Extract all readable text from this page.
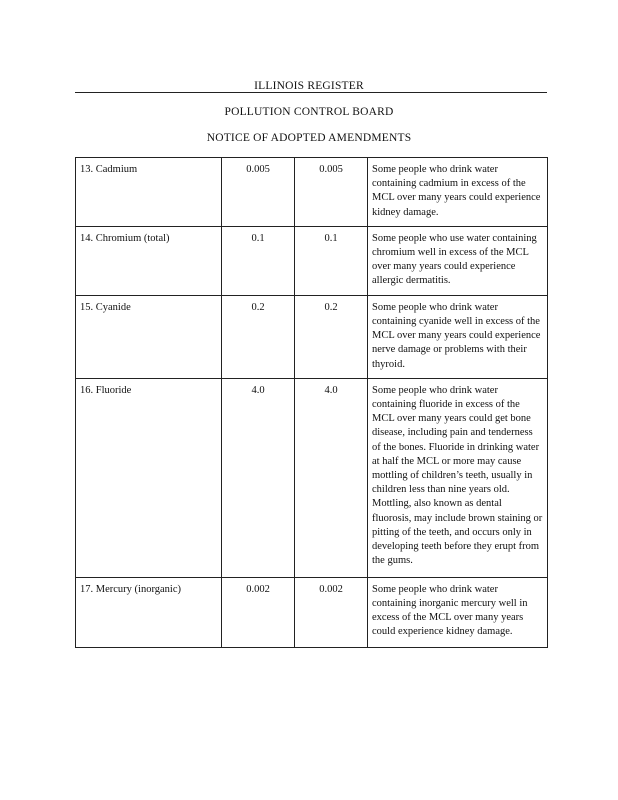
ILLINOIS REGISTER
POLLUTION CONTROL BOARD
NOTICE OF ADOPTED AMENDMENTS
13. Cadmium	0.005	0.005	Some people who drink water containing cadmium in excess of the MCL over many years could experience kidney damage.
14. Chromium (total)	0.1	0.1	Some people who use water containing chromium well in excess of the MCL over many years could experience allergic dermatitis.
15. Cyanide	0.2	0.2	Some people who drink water containing cyanide well in excess of the MCL over many years could experience nerve damage or problems with their thyroid.
16. Fluoride	4.0	4.0	Some people who drink water containing fluoride in excess of the MCL over many years could get bone disease, including pain and tenderness of the bones. Fluoride in drinking water at half the MCL or more may cause mottling of children’s teeth, usually in children less than nine years old. Mottling, also known as dental fluorosis, may include brown staining or pitting of the teeth, and occurs only in developing teeth before they erupt from the gums.
17. Mercury (inorganic)	0.002	0.002	Some people who drink water containing inorganic mercury well in excess of the MCL over many years could experience kidney damage.
